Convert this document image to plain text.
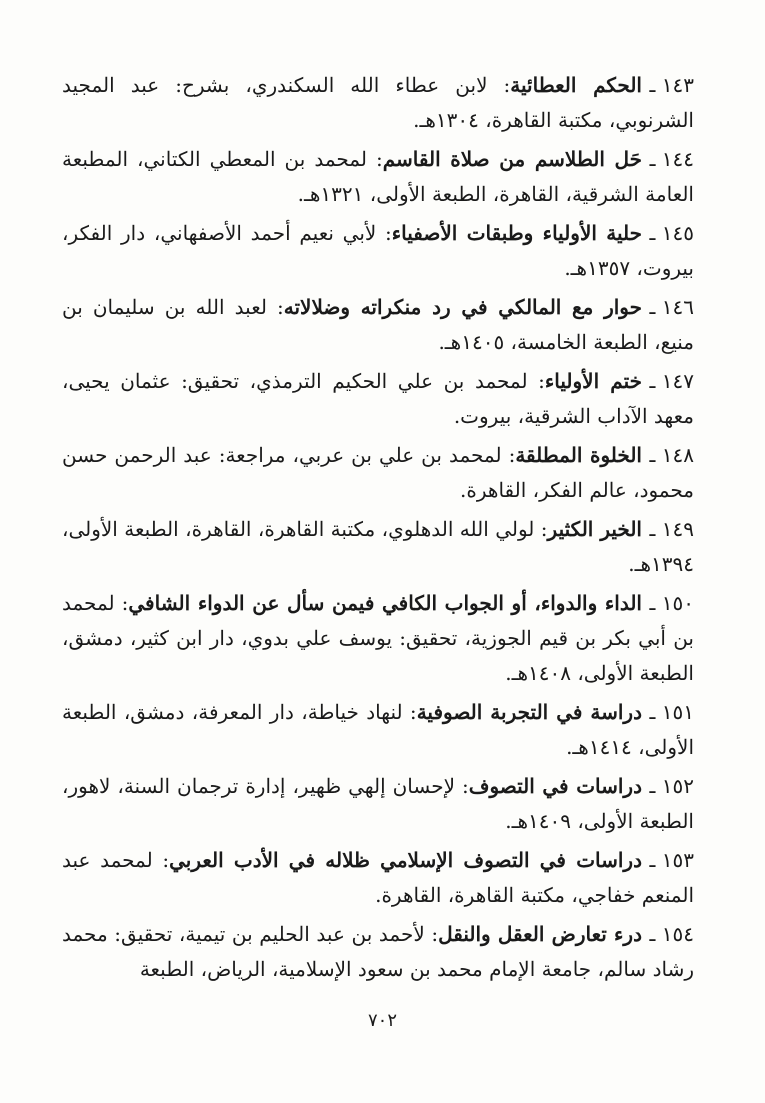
١٤٣ ـالحكم العطائية: لابن عطاء الله السكندري، بشرح: عبد المجيد الشرنوبي، مكتبة القاهرة، ١٣٠٤هـ.

١٤٤ ـحَل الطلاسم من صلاة القاسم: لمحمد بن المعطي الكتاني، المطبعة العامة الشرقية، القاهرة، الطبعة الأولى، ١٣٢١هـ.

١٤٥ ـحلية الأولياء وطبقات الأصفياء: لأبي نعيم أحمد الأصفهاني، دار الفكر، بيروت، ١٣٥٧هـ.

١٤٦ ـحوار مع المالكي في رد منكراته وضلالاته: لعبد الله بن سليمان بن منيع، الطبعة الخامسة، ١٤٠٥هـ.

١٤٧ ـختم الأولياء: لمحمد بن علي الحكيم الترمذي، تحقيق: عثمان يحيى، معهد الآداب الشرقية، بيروت.

١٤٨ ـالخلوة المطلقة: لمحمد بن علي بن عربي، مراجعة: عبد الرحمن حسن محمود، عالم الفكر، القاهرة.

١٤٩ ـالخير الكثير: لولي الله الدهلوي، مكتبة القاهرة، القاهرة، الطبعة الأولى، ١٣٩٤هـ.

١٥٠ ـالداء والدواء، أو الجواب الكافي فيمن سأل عن الدواء الشافي: لمحمد بن أبي بكر بن قيم الجوزية، تحقيق: يوسف علي بدوي، دار ابن كثير، دمشق، الطبعة الأولى، ١٤٠٨هـ.

١٥١ ـدراسة في التجربة الصوفية: لنهاد خياطة، دار المعرفة، دمشق، الطبعة الأولى، ١٤١٤هـ.

١٥٢ ـدراسات في التصوف: لإحسان إلهي ظهير، إدارة ترجمان السنة، لاهور، الطبعة الأولى، ١٤٠٩هـ.

١٥٣ ـدراسات في التصوف الإسلامي ظلاله في الأدب العربي: لمحمد عبد المنعم خفاجي، مكتبة القاهرة، القاهرة.

١٥٤ ـدرء تعارض العقل والنقل: لأحمد بن عبد الحليم بن تيمية، تحقيق: محمد رشاد سالم، جامعة الإمام محمد بن سعود الإسلامية، الرياض، الطبعة

٧٠٢
